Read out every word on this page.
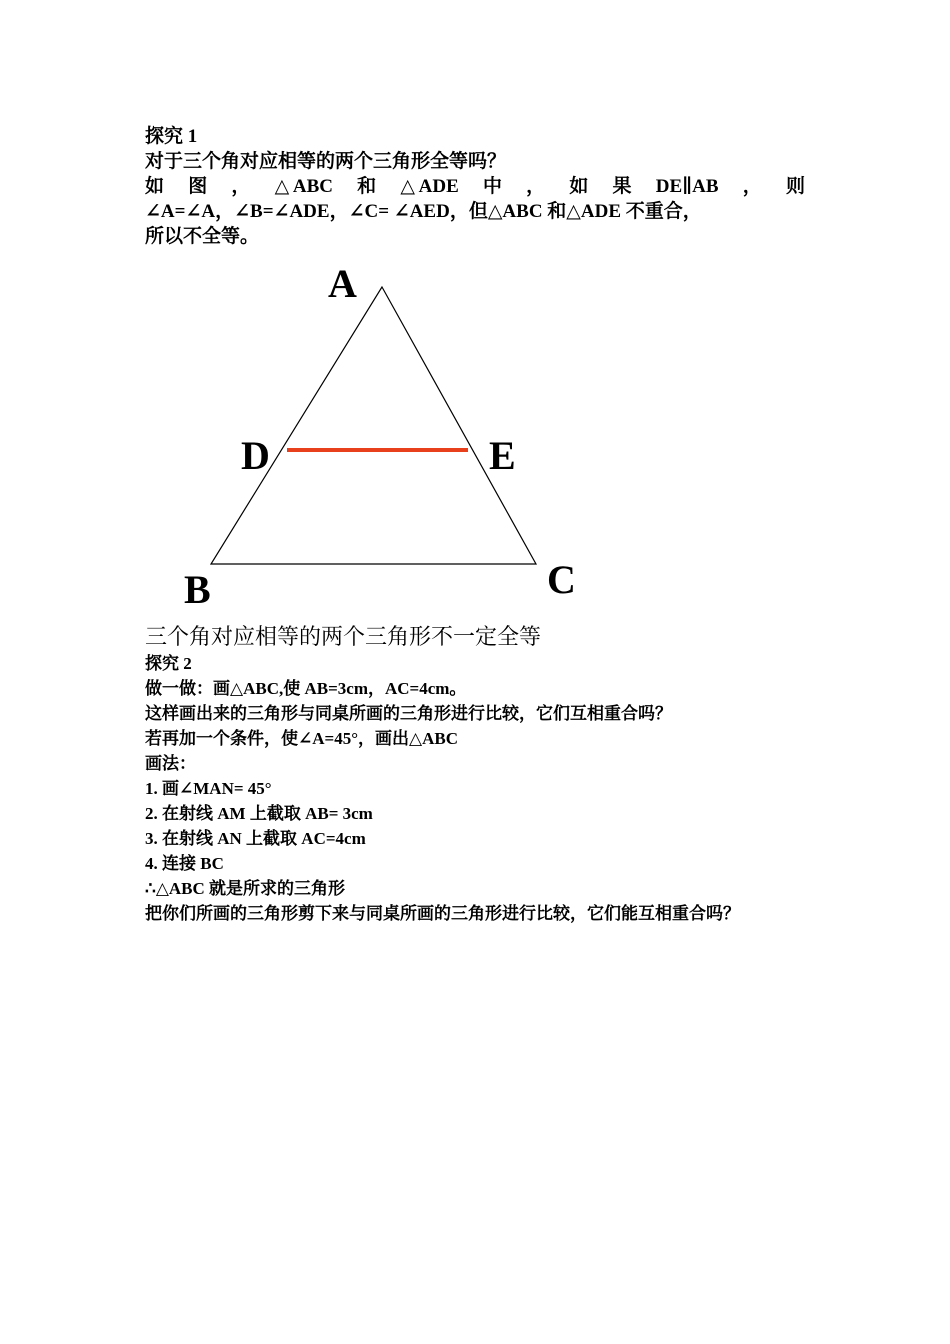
探究 1
对于三个角对应相等的两个三角形全等吗？
如 图 ， △ ABC 和 △ ADE 中 ， 如 果 DE∥AB ， 则
∠A=∠A，∠B=∠ADE，∠C= ∠AED，但△ABC 和△ADE 不重合，
所以不全等。
A
D	E
B	C
三个角对应相等的两个三角形不一定全等
探究 2
做一做：画△ABC,使 AB=3cm，AC=4cm。
这样画出来的三角形与同桌所画的三角形进行比较，它们互相重合吗？
若再加一个条件，使∠A=45°，画出△ABC
画法：
1. 画∠MAN= 45°
2. 在射线 AM 上截取 AB= 3cm
3. 在射线 AN 上截取 AC=4cm
4. 连接 BC
∴△ABC 就是所求的三角形
把你们所画的三角形剪下来与同桌所画的三角形进行比较，它们能互相重合吗？
